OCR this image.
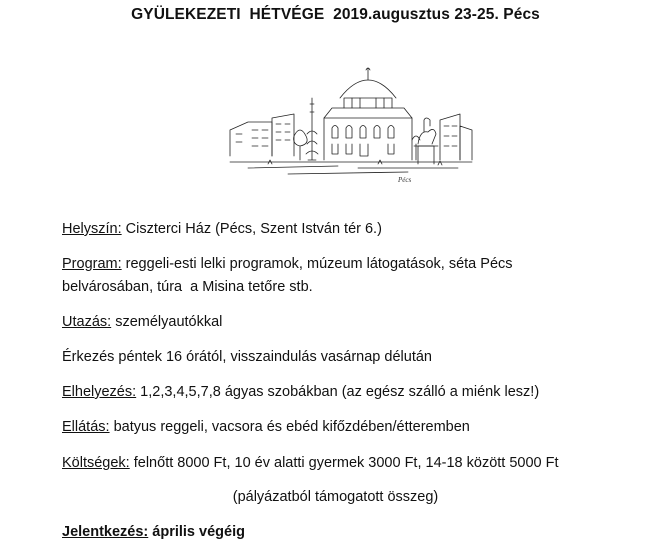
GYÜLEKEZETI  HÉTVÉGE  2019.augusztus 23-25. Pécs
Pécs
Helyszín: Ciszterci Ház (Pécs, Szent István tér 6.)
Program: reggeli-esti lelki programok, múzeum látogatások, séta Pécs
belvárosában, túra  a Misina tetőre stb.
Utazás: személyautókkal
Érkezés péntek 16 órától, visszaindulás vasárnap délután
Elhelyezés: 1,2,3,4,5,7,8 ágyas szobákban (az egész szálló a miénk lesz!)
Ellátás: batyus reggeli, vacsora és ebéd kifőzdében/étteremben
Költségek: felnőtt 8000 Ft, 10 év alatti gyermek 3000 Ft, 14-18 között 5000 Ft
(pályázatból támogatott összeg)
Jelentkezés: április végéig
